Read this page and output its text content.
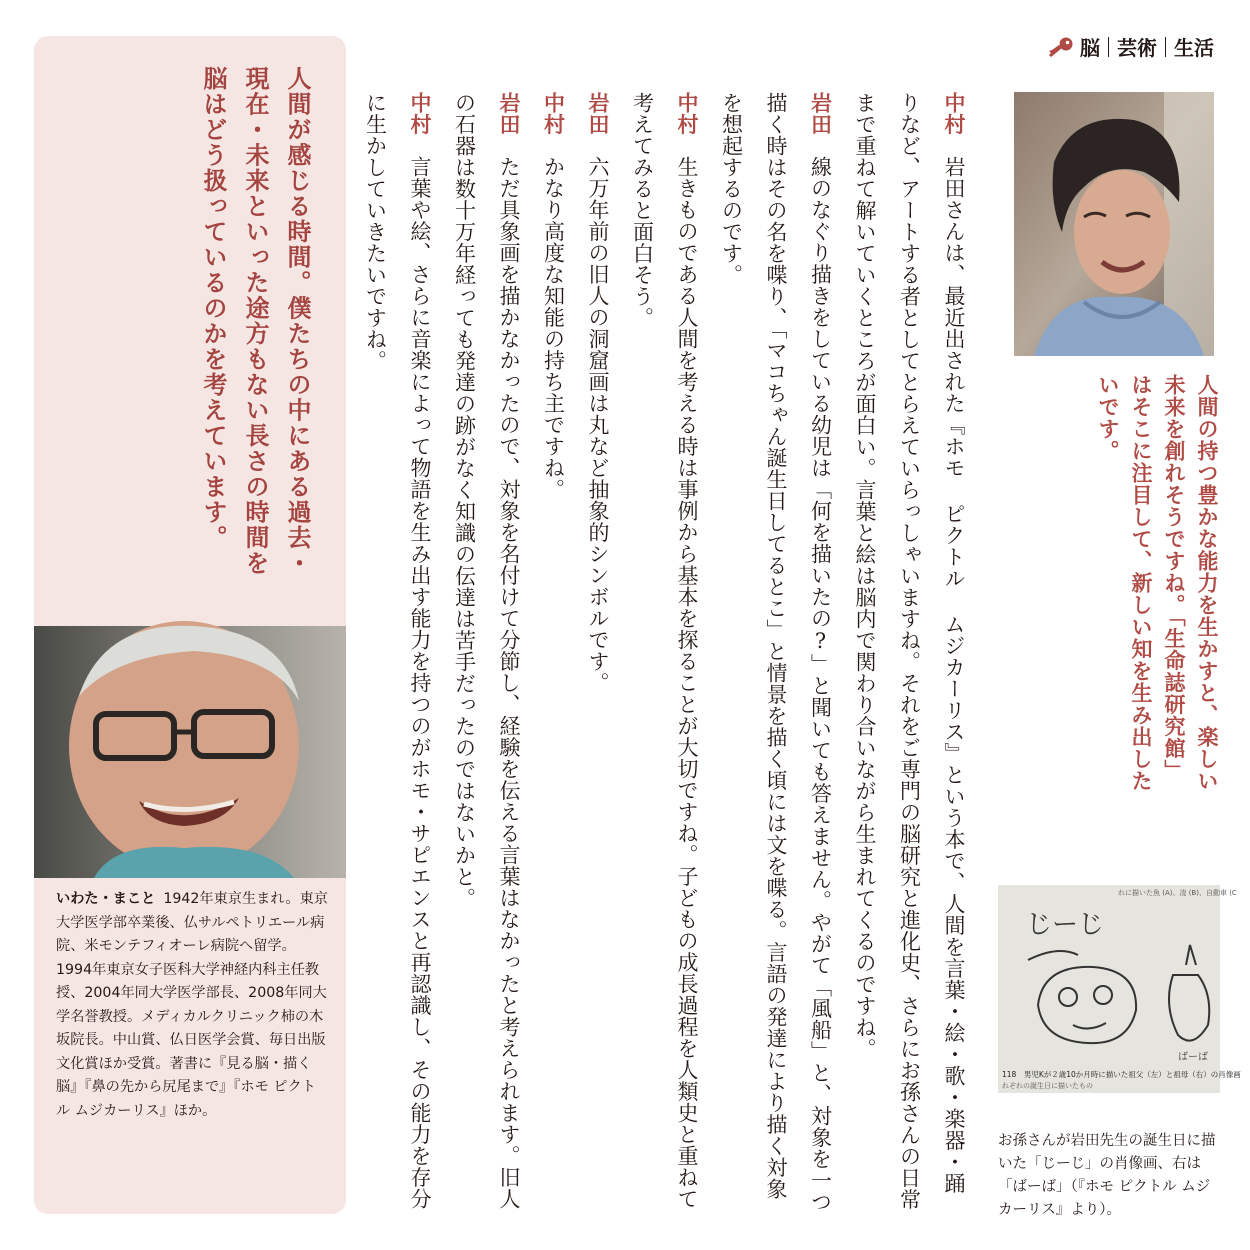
脳 芸術 生活
人間の持つ豊かな能力を生かすと、楽しい未来を創れそうですね。「生命誌研究館」はそこに注目して、新しい知を生み出したいです。
れに描いた魚 (A)、凌 (B)、自動車 (C
じーじ
ばーば
118　男児Kが２歳10か月時に描いた祖父（左）と祖母（右）の肖像画
れぞれの誕生日に描いたもの
お孫さんが岩田先生の誕生日に描いた「じーじ」の肖像画、右は「ばーば」（『ホモ ピクトル ムジカーリス』より）。

中村　岩田さんは、最近出された『ホモ ピクトル ムジカーリス』という本で、人間を言葉・絵・歌・楽器・踊りなど、アートする者としてとらえていらっしゃいますね。それをご専門の脳研究と進化史、さらにお孫さんの日常まで重ねて解いていくところが面白い。言葉と絵は脳内で関わり合いながら生まれてくるのですね。

岩田　線のなぐり描きをしている幼児は「何を描いたの?」と聞いても答えません。やがて「風船」と、対象を一つ描く時はその名を喋り、「マコちゃん誕生日してるとこ」と情景を描く頃には文を喋る。言語の発達により描く対象を想起するのです。

中村　生きものである人間を考える時は事例から基本を探ることが大切ですね。子どもの成長過程を人類史と重ねて考えてみると面白そう。

岩田　六万年前の旧人の洞窟画は丸など抽象的シンボルです。

中村　かなり高度な知能の持ち主ですね。

岩田　ただ具象画を描かなかったので、対象を名付けて分節し、経験を伝える言葉はなかったと考えられます。旧人の石器は数十万年経っても発達の跡がなく知識の伝達は苦手だったのではないかと。

中村　言葉や絵、さらに音楽によって物語を生み出す能力を持つのがホモ・サピエンスと再認識し、その能力を存分に生かしていきたいですね。

人間が感じる時間。僕たちの中にある過去・現在・未来といった途方もない長さの時間を脳はどう扱っているのかを考えています。
いわた・まこと 1942年東京生まれ。東京大学医学部卒業後、仏サルペトリエール病院、米モンテフィオーレ病院へ留学。1994年東京女子医科大学神経内科主任教授、2004年同大学医学部長、2008年同大学名誉教授。メディカルクリニック柿の木坂院長。中山賞、仏日医学会賞、毎日出版文化賞ほか受賞。著書に『見る脳・描く脳』『鼻の先から尻尾まで』『ホモ ピクトル ムジカーリス』ほか。
